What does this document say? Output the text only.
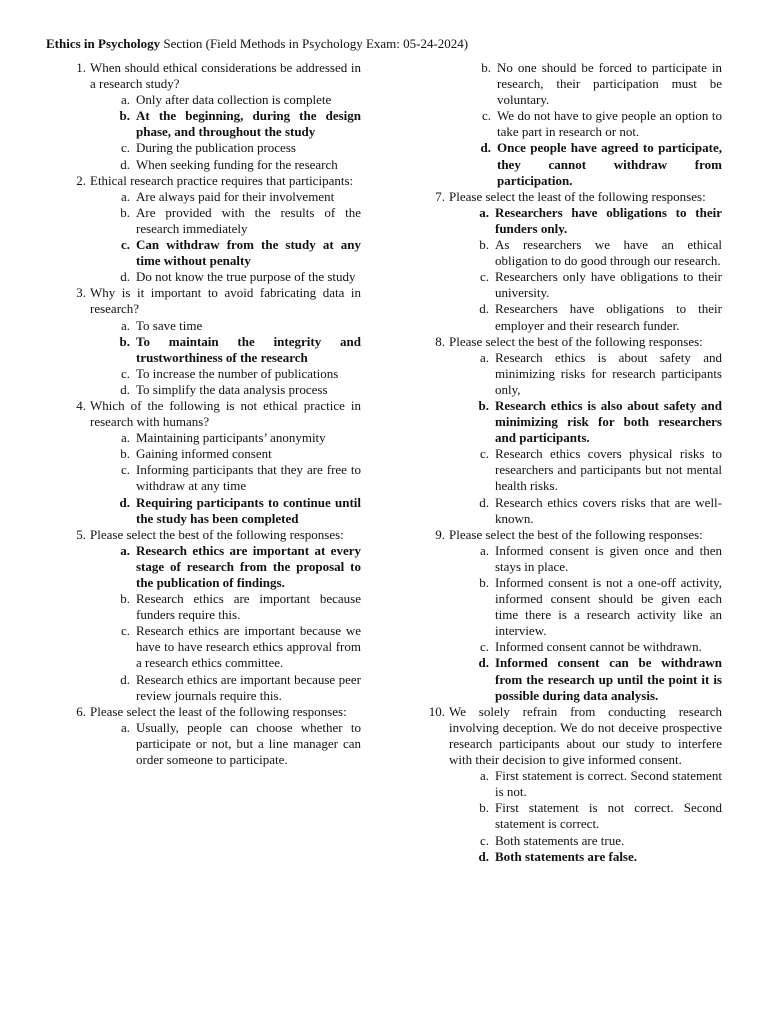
Ethics in Psychology Section (Field Methods in Psychology Exam: 05-24-2024)
1. When should ethical considerations be addressed in a research study?
a. Only after data collection is complete
b. At the beginning, during the design phase, and throughout the study
c. During the publication process
d. When seeking funding for the research
2. Ethical research practice requires that participants:
a. Are always paid for their involvement
b. Are provided with the results of the research immediately
c. Can withdraw from the study at any time without penalty
d. Do not know the true purpose of the study
3. Why is it important to avoid fabricating data in research?
a. To save time
b. To maintain the integrity and trustworthiness of the research
c. To increase the number of publications
d. To simplify the data analysis process
4. Which of the following is not ethical practice in research with humans?
a. Maintaining participants’ anonymity
b. Gaining informed consent
c. Informing participants that they are free to withdraw at any time
d. Requiring participants to continue until the study has been completed
5. Please select the best of the following responses:
a. Research ethics are important at every stage of research from the proposal to the publication of findings.
b. Research ethics are important because funders require this.
c. Research ethics are important because we have to have research ethics approval from a research ethics committee.
d. Research ethics are important because peer review journals require this.
6. Please select the least of the following responses:
a. Usually, people can choose whether to participate or not, but a line manager can order someone to participate.
b. No one should be forced to participate in research, their participation must be voluntary.
c. We do not have to give people an option to take part in research or not.
d. Once people have agreed to participate, they cannot withdraw from participation.
7. Please select the least of the following responses:
a. Researchers have obligations to their funders only.
b. As researchers we have an ethical obligation to do good through our research.
c. Researchers only have obligations to their university.
d. Researchers have obligations to their employer and their research funder.
8. Please select the best of the following responses:
a. Research ethics is about safety and minimizing risks for research participants only,
b. Research ethics is also about safety and minimizing risk for both researchers and participants.
c. Research ethics covers physical risks to researchers and participants but not mental health risks.
d. Research ethics covers risks that are well-known.
9. Please select the best of the following responses:
a. Informed consent is given once and then stays in place.
b. Informed consent is not a one-off activity, informed consent should be given each time there is a research activity like an interview.
c. Informed consent cannot be withdrawn.
d. Informed consent can be withdrawn from the research up until the point it is possible during data analysis.
10. We solely refrain from conducting research involving deception. We do not deceive prospective research participants about our study to interfere with their decision to give informed consent.
a. First statement is correct. Second statement is not.
b. First statement is not correct. Second statement is correct.
c. Both statements are true.
d. Both statements are false.
